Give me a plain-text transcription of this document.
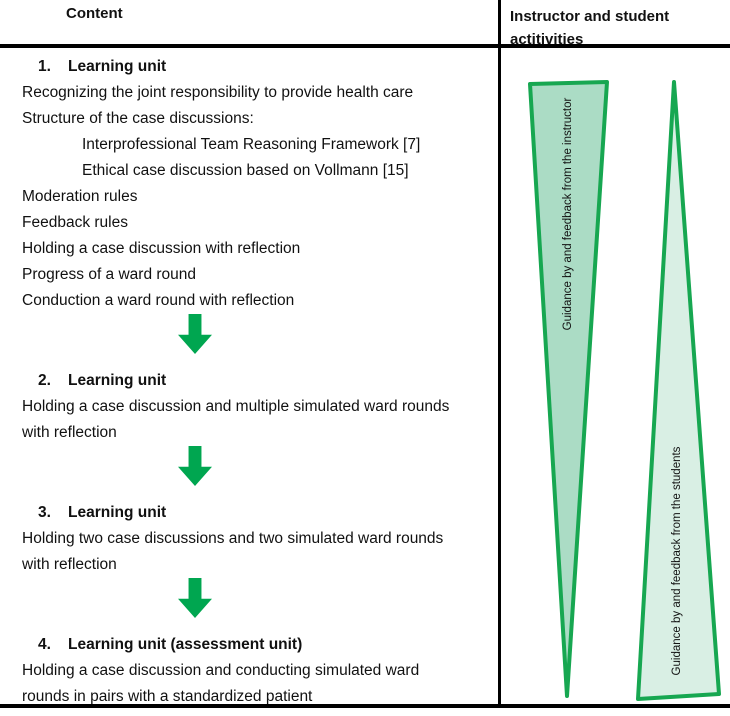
Content	Instructor and student actitivities
1. Learning unit
Recognizing the joint responsibility to provide health care
Structure of the case discussions:
Interprofessional Team Reasoning Framework [7]
Ethical case discussion based on Vollmann [15]
Moderation rules
Feedback rules
Holding a case discussion with reflection
Progress of a ward round
Conduction a ward round with reflection
2. Learning unit
Holding a case discussion and multiple simulated ward rounds
with reflection
3. Learning unit
Holding two case discussions and two simulated ward rounds
with reflection
4. Learning unit (assessment unit)
Holding a case discussion and conducting simulated ward
rounds in pairs with a standardized patient
Guidance by and feedback from the instructor
Guidance by and feedback from the students
